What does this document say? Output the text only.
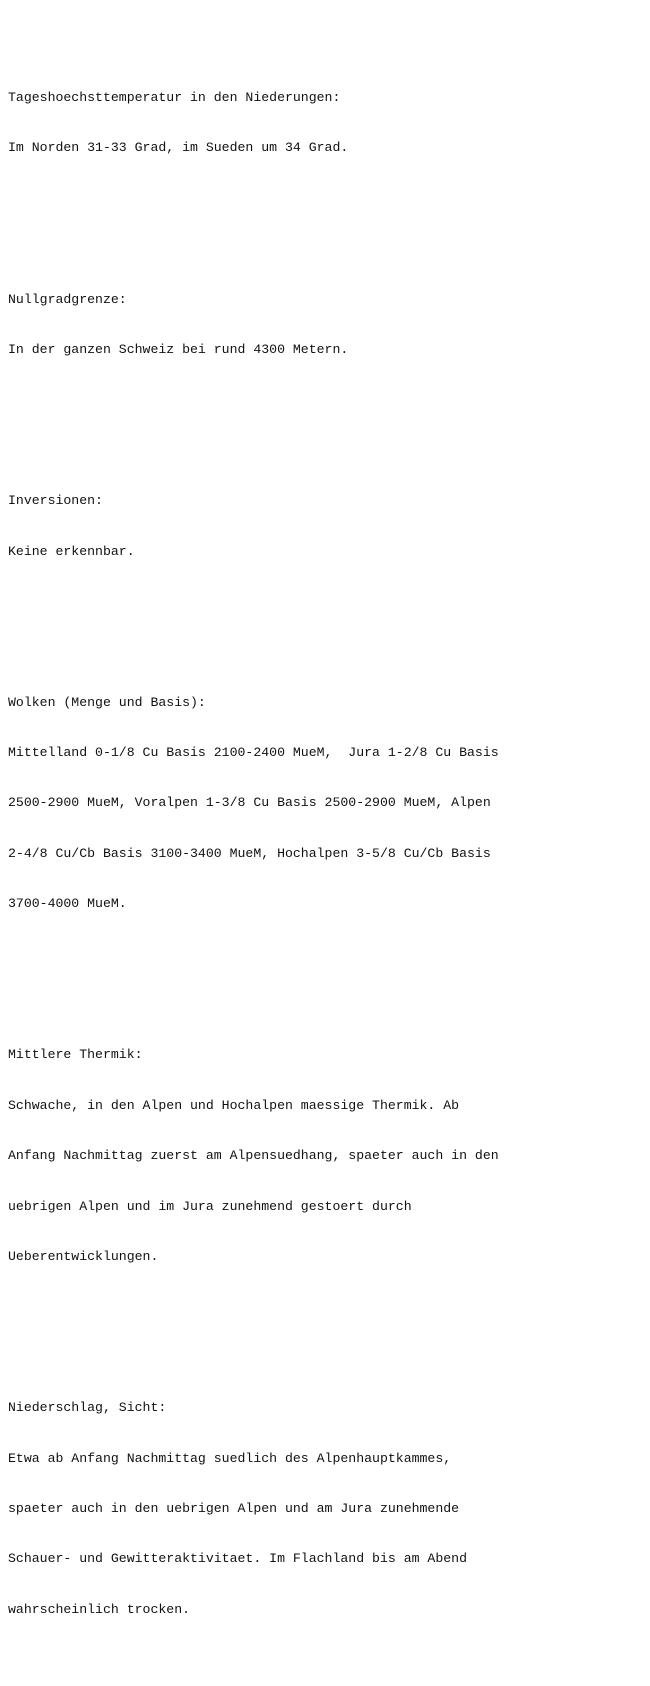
Tageshoechsttemperatur in den Niederungen:

Im Norden 31-33 Grad, im Sueden um 34 Grad.

Nullgradgrenze:

In der ganzen Schweiz bei rund 4300 Metern.

Inversionen:

Keine erkennbar.

Wolken (Menge und Basis):

Mittelland 0-1/8 Cu Basis 2100-2400 MueM,  Jura 1-2/8 Cu Basis

2500-2900 MueM, Voralpen 1-3/8 Cu Basis 2500-2900 MueM, Alpen

2-4/8 Cu/Cb Basis 3100-3400 MueM, Hochalpen 3-5/8 Cu/Cb Basis

3700-4000 MueM.

Mittlere Thermik:

Schwache, in den Alpen und Hochalpen maessige Thermik. Ab

Anfang Nachmittag zuerst am Alpensuedhang, spaeter auch in den

uebrigen Alpen und im Jura zunehmend gestoert durch

Ueberentwicklungen.

Niederschlag, Sicht:

Etwa ab Anfang Nachmittag suedlich des Alpenhauptkammes,

spaeter auch in den uebrigen Alpen und am Jura zunehmende

Schauer- und Gewitteraktivitaet. Im Flachland bis am Abend

wahrscheinlich trocken.
